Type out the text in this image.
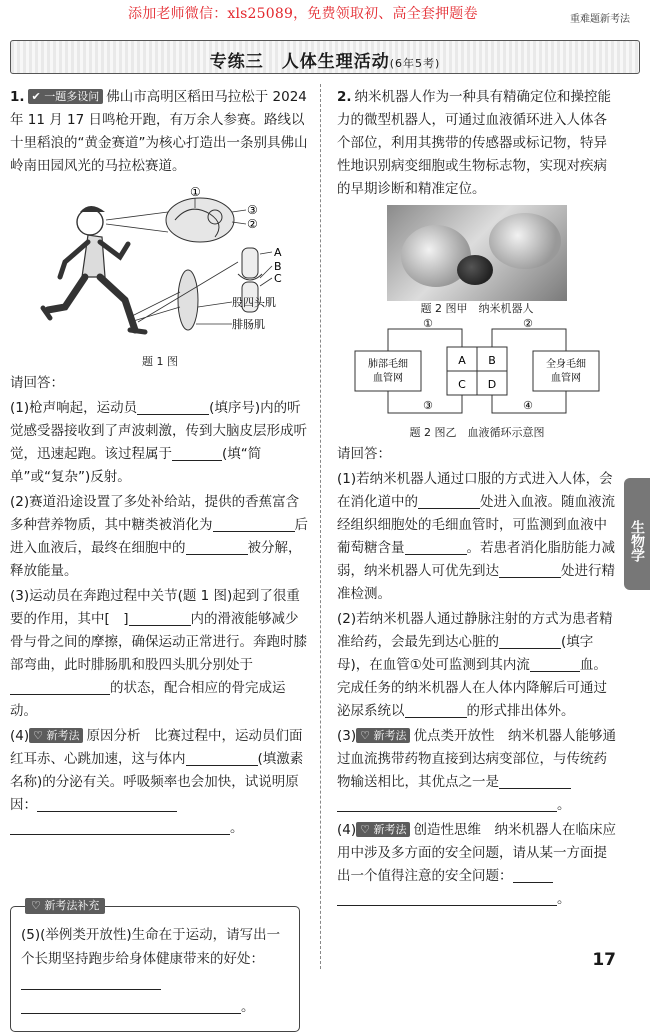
添加老师微信：xls25089，免费领取初、高全套押题卷	重难题新考法
专练三　人体生理活动(6年5考)
1. ✔ 一题多设问 佛山市高明区稻田马拉松于 2024 年 11 月 17 日鸣枪开跑，有万余人参赛。路线以十里稻浪的“黄金赛道”为核心打造出一条别具佛山岭南田园风光的马拉松赛道。
①
③
②
A
B
C
股四头肌
腓肠肌
题 1 图
请回答：
(1)枪声响起，运动员	(填序号)内的听觉感受器接收到了声波刺激，传到大脑皮层形成听觉，迅速起跑。该过程属于	(填“简单”或“复杂”)反射。
(2)赛道沿途设置了多处补给站，提供的香蕉富含多种营养物质，其中糖类被消化为	后进入血液后，最终在细胞中的	被分解，释放能量。
(3)运动员在奔跑过程中关节(题 1 图)起到了很重要的作用，其中[　]	内的滑液能够减少骨与骨之间的摩擦，确保运动正常进行。奔跑时膝部弯曲，此时腓肠肌和股四头肌分别处于的状态，配合相应的骨完成运动。
(4) ♡ 新考法 原因分析　比赛过程中，运动员们面红耳赤、心跳加速，这与体内	(填激素名称)的分泌有关。呼吸频率也会加快，试说明原因：。
♡ 新考法补充
(5)(举例类开放性)生命在于运动，请写出一个长期坚持跑步给身体健康带来的好处： 。
2. 纳米机器人作为一种具有精确定位和操控能力的微型机器人，可通过血液循环进入人体各个部位，利用其携带的传感器或标记物，特异性地识别病变细胞或生物标志物，实现对疾病的早期诊断和精准定位。
题 2 图甲　纳米机器人
肺部毛细
血管网
全身毛细
血管网
A B
C D
①	②
③	④
题 2 图乙　血液循环示意图
请回答：
(1)若纳米机器人通过口服的方式进入人体，会在消化道中的	处进入血液。随血液流经组织细胞处的毛细血管时，可监测到血液中葡萄糖含量	。若患者消化脂肪能力减弱，纳米机器人可优先到达	处进行精准检测。
(2)若纳米机器人通过静脉注射的方式为患者精准给药，会最先到达心脏的	(填字母)，在血管①处可监测到其内流	血。完成任务的纳米机器人在人体内降解后可通过泌尿系统以	的形式排出体外。
(3) ♡ 新考法 优点类开放性　纳米机器人能够通过血流携带药物直接到达病变部位，与传统药物输送相比，其优点之一是。
(4) ♡ 新考法 创造性思维　纳米机器人在临床应用中涉及多方面的安全问题，请从某一方面提出一个值得注意的安全问题：。
生物学
17
